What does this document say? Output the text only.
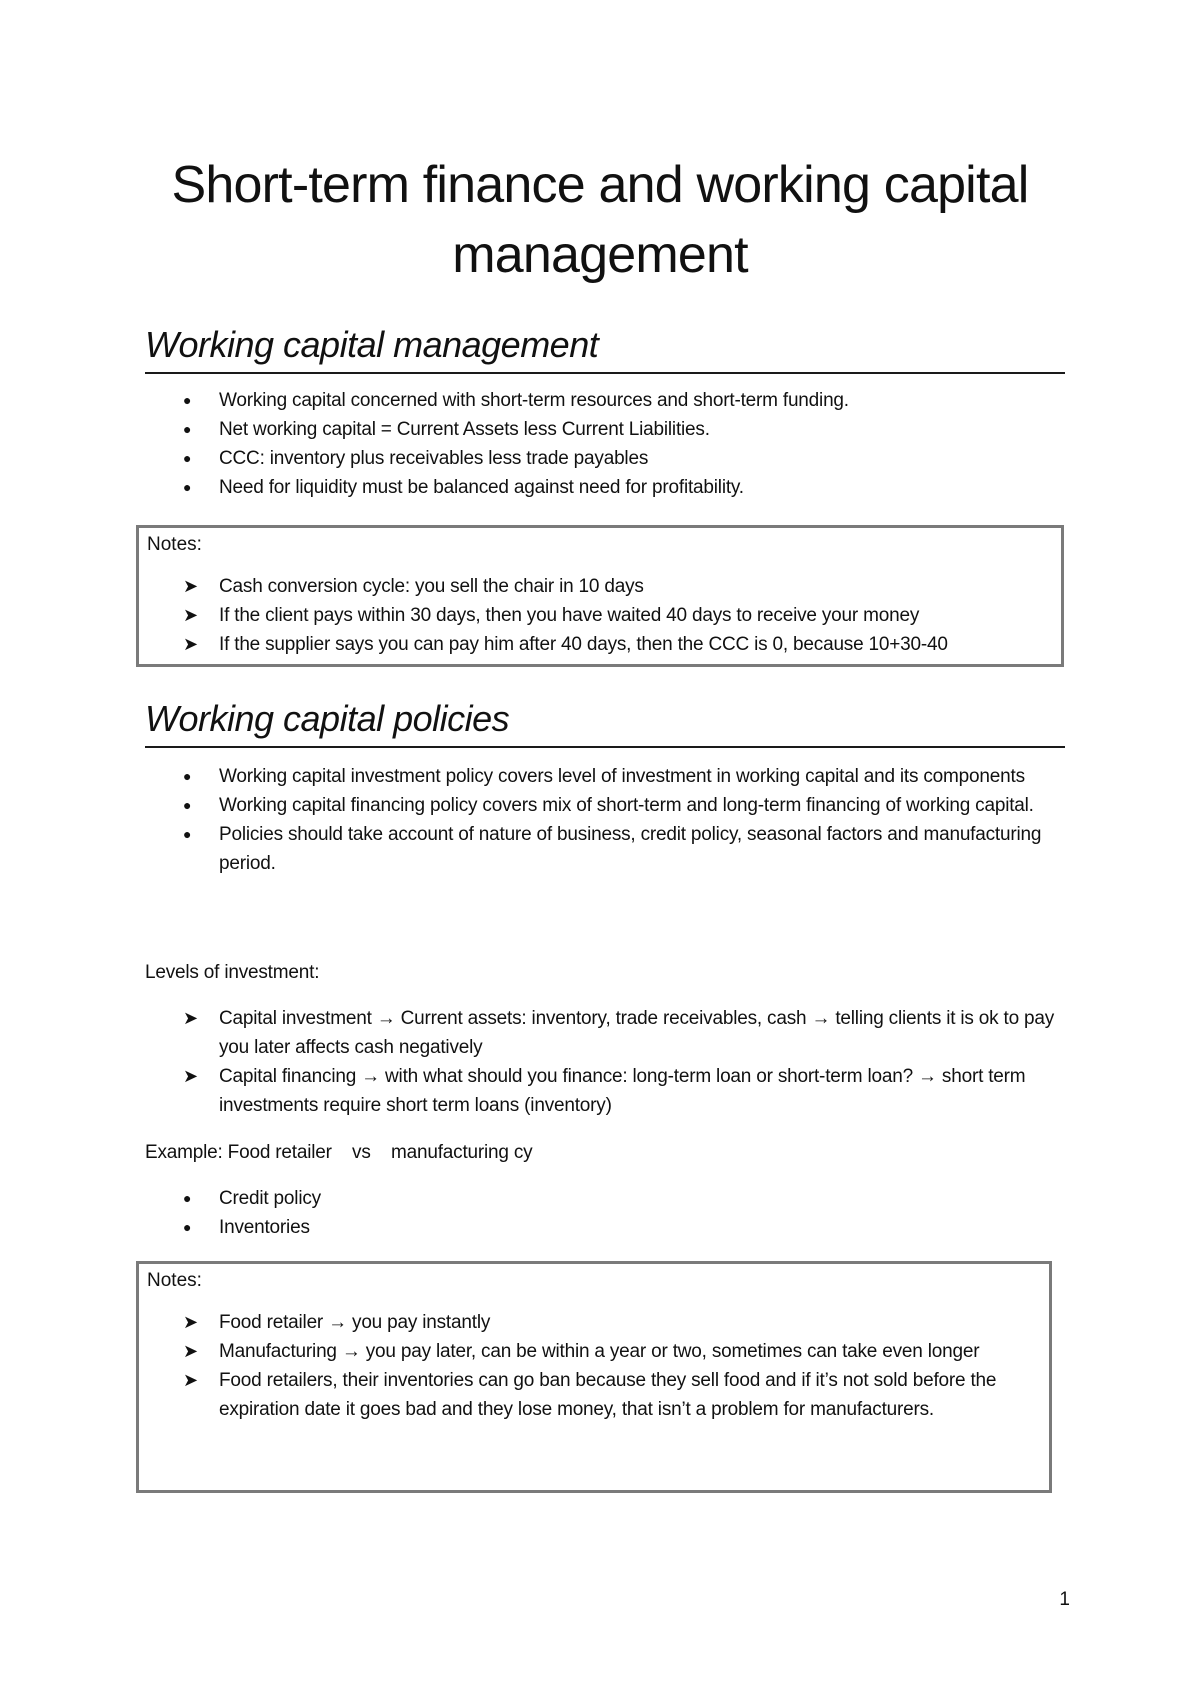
Short-term finance and working capital management
Working capital management
● Working capital concerned with short-term resources and short-term funding.
● Net working capital = Current Assets less Current Liabilities.
● CCC: inventory plus receivables less trade payables
● Need for liquidity must be balanced against need for profitability.

Notes:

➤ Cash conversion cycle: you sell the chair in 10 days
➤ If the client pays within 30 days, then you have waited 40 days to receive your money
➤ If the supplier says you can pay him after 40 days, then the CCC is 0, because 10+30-40
Working capital policies
● Working capital investment policy covers level of investment in working capital and its components
● Working capital financing policy covers mix of short-term and long-term financing of working capital.
● Policies should take account of nature of business, credit policy, seasonal factors and manufacturing period.

Levels of investment:

➤ Capital investment → Current assets: inventory, trade receivables, cash → telling clients it is ok to pay you later affects cash negatively
➤ Capital financing → with what should you finance: long-term loan or short-term loan? → short term investments require short term loans (inventory)

Example: Food retailer    vs    manufacturing cy

● Credit policy
● Inventories

Notes:

➤ Food retailer → you pay instantly
➤ Manufacturing → you pay later, can be within a year or two, sometimes can take even longer
➤ Food retailers, their inventories can go ban because they sell food and if it’s not sold before the expiration date it goes bad and they lose money, that isn’t a problem for manufacturers.
1
